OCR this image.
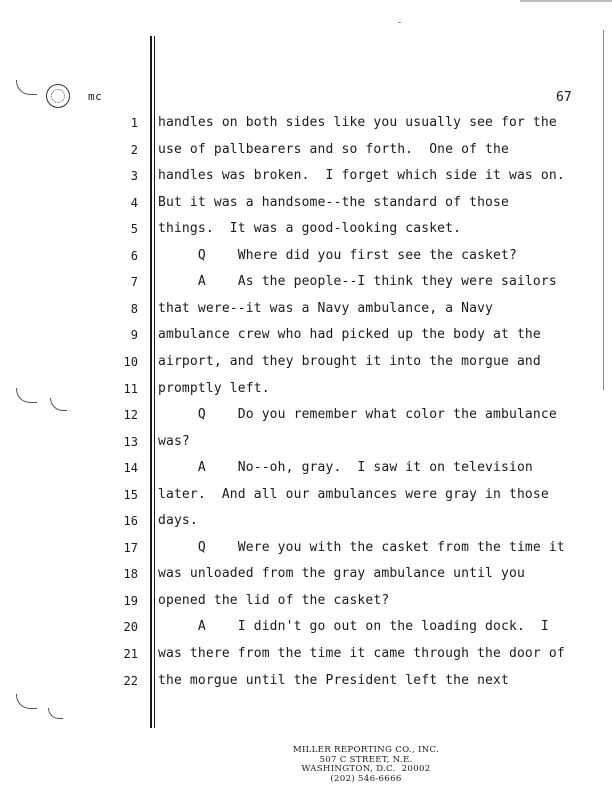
mc	67
1 handles on both sides like you usually see for the
2 use of pallbearers and so forth.  One of the
3 handles was broken.  I forget which side it was on.
4 But it was a handsome--the standard of those
5 things.  It was a good-looking casket.
6 Q    Where did you first see the casket?
7 A    As the people--I think they were sailors
8 that were--it was a Navy ambulance, a Navy
9 ambulance crew who had picked up the body at the
10 airport, and they brought it into the morgue and
11 promptly left.
12 Q    Do you remember what color the ambulance
13 was?
14 A    No--oh, gray.  I saw it on television
15 later.  And all our ambulances were gray in those
16 days.
17 Q    Were you with the casket from the time it
18 was unloaded from the gray ambulance until you
19 opened the lid of the casket?
20 A    I didn't go out on the loading dock.  I
21 was there from the time it came through the door of
22 the morgue until the President left the next
MILLER REPORTING CO., INC.
507 C STREET, N.E.
WASHINGTON, D.C.  20002
(202) 546-6666
